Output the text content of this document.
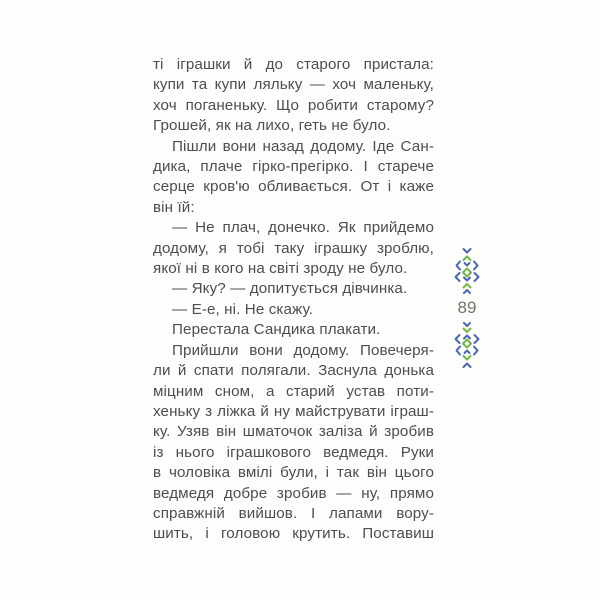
ті іграшки й до старого пристала:
купи та купи ляльку — хоч маленьку,
хоч поганеньку. Що робити старому?
Грошей, як на лихо, геть не було.
Пішли вони назад додому. Іде Сан-
дика, плаче гірко-прегірко. І старече
серце кров'ю обливається. От і каже
він їй:
— Не плач, донечко. Як прийдемо
додому, я тобі таку іграшку зроблю,
якої ні в кого на світі зроду не було.
— Яку? — допитується дівчинка.
— Е-е, ні. Не скажу.
Перестала Сандика плакати.
Прийшли вони додому. Повечеря-
ли й спати полягали. Заснула донька
міцним сном, а старий устав поти-
хеньку з ліжка й ну майструвати іграш-
ку. Узяв він шматочок заліза й зробив
із нього іграшкового ведмедя. Руки
в чоловіка вмілі були, і так він цього
ведмедя добре зробив — ну, прямо
справжній вийшов. І лапами вору-
шить, і головою крутить. Поставиш
89
